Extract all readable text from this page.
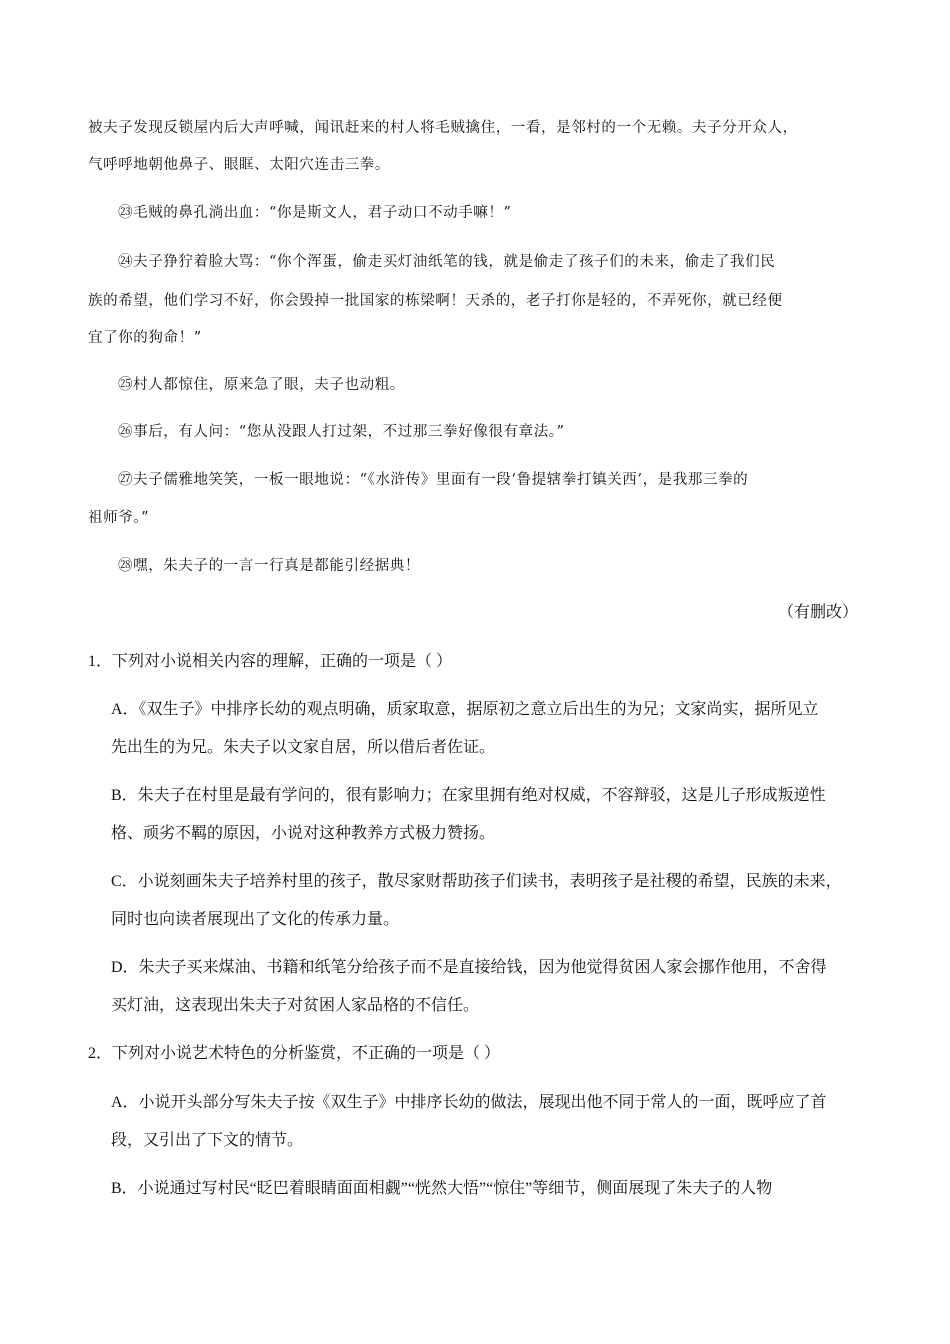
被夫子发现反锁屋内后大声呼喊，闻讯赶来的村人将毛贼擒住，一看，是邻村的一个无赖。夫子分开众人，
气呼呼地朝他鼻子、眼眶、太阳穴连击三拳。
㉓毛贼的鼻孔淌出血：“你是斯文人，君子动口不动手嘛！”
㉔夫子狰狞着脸大骂：“你个浑蛋，偷走买灯油纸笔的钱，就是偷走了孩子们的未来，偷走了我们民
族的希望，他们学习不好，你会毁掉一批国家的栋梁啊！天杀的，老子打你是轻的，不弄死你，就已经便
宜了你的狗命！”
㉕村人都惊住，原来急了眼，夫子也动粗。
㉖事后，有人问：“您从没跟人打过架，不过那三拳好像很有章法。”
㉗夫子儒雅地笑笑，一板一眼地说：“《水浒传》里面有一段‘鲁提辖拳打镇关西’，是我那三拳的
祖师爷。”
㉘嘿，朱夫子的一言一行真是都能引经据典！
（有删改）
1．下列对小说相关内容的理解，正确的一项是（ ）
A．《双生子》中排序长幼的观点明确，质家取意，据原初之意立后出生的为兄；文家尚实，据所见立
先出生的为兄。朱夫子以文家自居，所以借后者佐证。
B．朱夫子在村里是最有学问的，很有影响力；在家里拥有绝对权威，不容辩驳，这是儿子形成叛逆性
格、顽劣不羁的原因，小说对这种教养方式极力赞扬。
C．小说刻画朱夫子培养村里的孩子，散尽家财帮助孩子们读书，表明孩子是社稷的希望，民族的未来，
同时也向读者展现出了文化的传承力量。
D．朱夫子买来煤油、书籍和纸笔分给孩子而不是直接给钱，因为他觉得贫困人家会挪作他用，不舍得
买灯油，这表现出朱夫子对贫困人家品格的不信任。
2．下列对小说艺术特色的分析鉴赏，不正确的一项是（ ）
A．小说开头部分写朱夫子按《双生子》中排序长幼的做法，展现出他不同于常人的一面，既呼应了首
段，又引出了下文的情节。
B．小说通过写村民“眨巴着眼睛面面相觑”“恍然大悟”“惊住”等细节，侧面展现了朱夫子的人物
